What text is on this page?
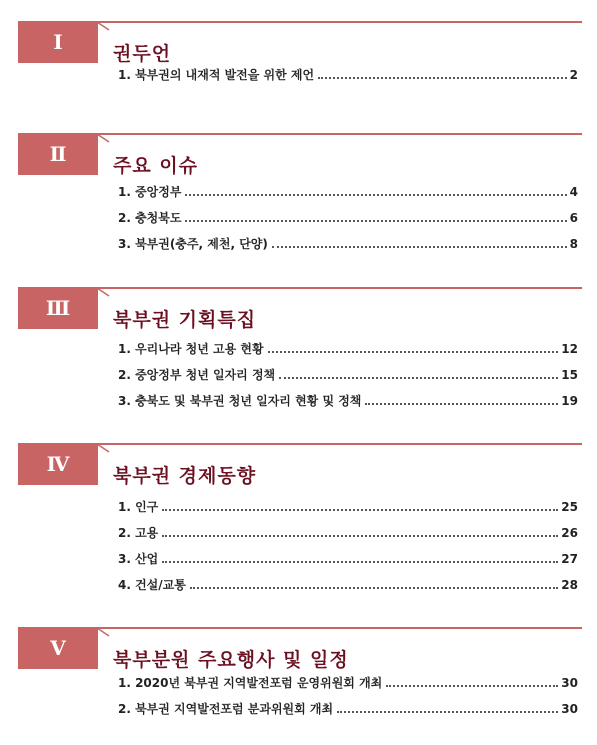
Ⅰ	권두언
1. 북부권의 내재적 발전을 위한 제언	2
Ⅱ 주요 이슈
1. 중앙정부	4
2. 충청북도	6
3. 북부권(충주, 제천, 단양)	8
Ⅲ 북부권 기획특집
1. 우리나라 청년 고용 현황	12
2. 중앙정부 청년 일자리 정책	15
3. 충북도 및 북부권 청년 일자리 현황 및 정책	19
Ⅳ 북부권 경제동향
1. 인구	25
2. 고용	26
3. 산업	27
4. 건설/교통	28
Ⅴ 북부분원 주요행사 및 일정
1. 2020년 북부권 지역발전포럼 운영위원회 개최	30
2. 북부권 지역발전포럼 분과위원회 개최	30
